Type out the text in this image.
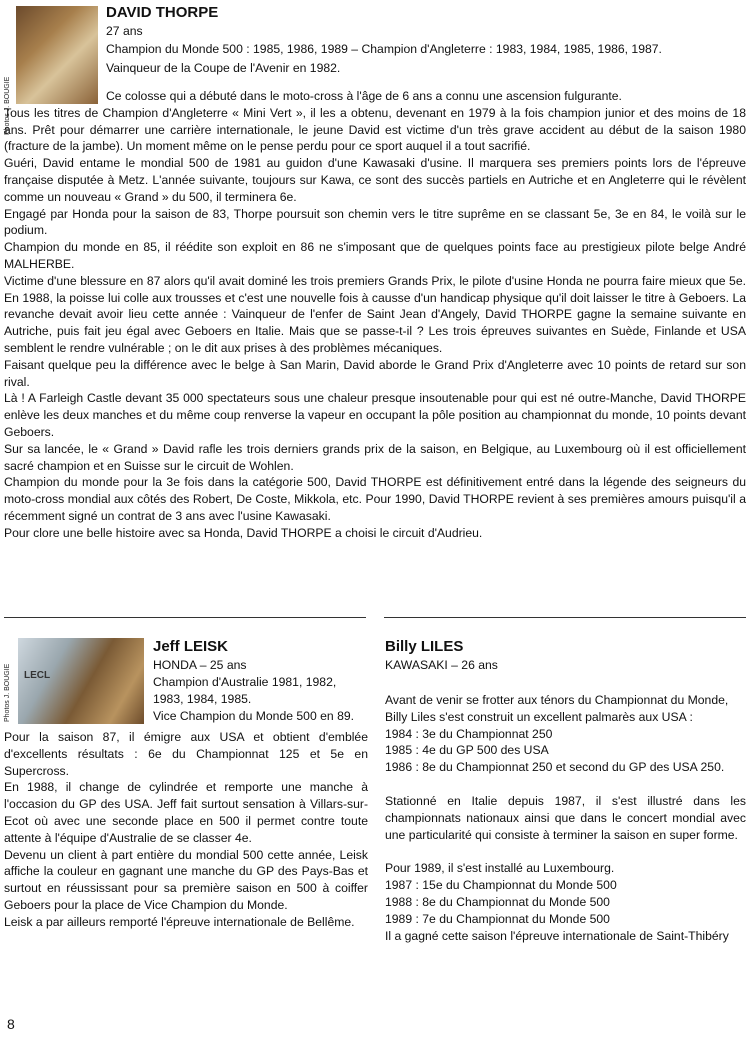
Photos J. BOUGIE
DAVID THORPE
27 ans
Champion du Monde 500 : 1985, 1986, 1989 – Champion d'Angleterre : 1983, 1984, 1985, 1986, 1987.
Vainqueur de la Coupe de l'Avenir en 1982.

Ce colosse qui a débuté dans le moto-cross à l'âge de 6 ans a connu une ascension fulgurante.

Tous les titres de Champion d'Angleterre « Mini Vert », il les a obtenu, devenant en 1979 à la fois champion junior et des moins de 18 ans. Prêt pour démarrer une carrière internationale, le jeune David est victime d'un très grave accident au début de la saison 1980 (fracture de la jambe). Un moment même on le pense perdu pour ce sport auquel il a tout sacrifié.

Guéri, David entame le mondial 500 de 1981 au guidon d'une Kawasaki d'usine. Il marquera ses premiers points lors de l'épreuve française disputée à Metz. L'année suivante, toujours sur Kawa, ce sont des succès partiels en Autriche et en Angleterre qui le révèlent comme un nouveau « Grand » du 500, il terminera 6e.

Engagé par Honda pour la saison de 83, Thorpe poursuit son chemin vers le titre suprême en se classant 5e, 3e en 84, le voilà sur le podium.

Champion du monde en 85, il réédite son exploit en 86 ne s'imposant que de quelques points face au prestigieux pilote belge André MALHERBE.

Victime d'une blessure en 87 alors qu'il avait dominé les trois premiers Grands Prix, le pilote d'usine Honda ne pourra faire mieux que 5e. En 1988, la poisse lui colle aux trousses et c'est une nouvelle fois à causse d'un handicap physique qu'il doit laisser le titre à Geboers. La revanche devait avoir lieu cette année : Vainqueur de l'enfer de Saint Jean d'Angely, David THORPE gagne la semaine suivante en Autriche, puis fait jeu égal avec Geboers en Italie. Mais que se passe-t-il ? Les trois épreuves suivantes en Suède, Finlande et USA semblent le rendre vulnérable ; on le dit aux prises à des problèmes mécaniques.

Faisant quelque peu la différence avec le belge à San Marin, David aborde le Grand Prix d'Angleterre avec 10 points de retard sur son rival.

Là ! A Farleigh Castle devant 35 000 spectateurs sous une chaleur presque insoutenable pour qui est né outre-Manche, David THORPE enlève les deux manches et du même coup renverse la vapeur en occupant la pôle position au championnat du monde, 10 points devant Geboers.

Sur sa lancée, le « Grand » David rafle les trois derniers grands prix de la saison, en Belgique, au Luxembourg où il est officiellement sacré champion et en Suisse sur le circuit de Wohlen.

Champion du monde pour la 3e fois dans la catégorie 500, David THORPE est définitivement entré dans la légende des seigneurs du moto-cross mondial aux côtés des Robert, De Coste, Mikkola, etc. Pour 1990, David THORPE revient à ses premières amours puisqu'il a récemment signé un contrat de 3 ans avec l'usine Kawasaki.

Pour clore une belle histoire avec sa Honda, David THORPE a choisi le circuit d'Audrieu.

LECL
Photos J. BOUGIE
Jeff LEISK
HONDA – 25 ans
Champion d'Australie 1981, 1982, 1983, 1984, 1985.
Vice Champion du Monde 500 en 89.

Pour la saison 87, il émigre aux USA et obtient d'emblée d'excellents résultats : 6e du Championnat 125 et 5e en Supercross.

En 1988, il change de cylindrée et remporte une manche à l'occasion du GP des USA. Jeff fait surtout sensation à Villars-sur-Ecot où avec une seconde place en 500 il permet contre toute attente à l'équipe d'Australie de se classer 4e.

Devenu un client à part entière du mondial 500 cette année, Leisk affiche la couleur en gagnant une manche du GP des Pays-Bas et surtout en réussissant pour sa première saison en 500 à coiffer Geboers pour la place de Vice Champion du Monde.

Leisk a par ailleurs remporté l'épreuve internationale de Bellême.

Billy LILES
KAWASAKI – 26 ans

Avant de venir se frotter aux ténors du Championnat du Monde, Billy Liles s'est construit un excellent palmarès aux USA :

1984 : 3e du Championnat 250

1985 : 4e du GP 500 des USA

1986 : 8e du Championnat 250 et second du GP des USA 250.

Stationné en Italie depuis 1987, il s'est illustré dans les championnats nationaux ainsi que dans le concert mondial avec une particularité qui consiste à terminer la saison en super forme.

Pour 1989, il s'est installé au Luxembourg.

1987 : 15e du Championnat du Monde 500

1988 : 8e du Championnat du Monde 500

1989 : 7e du Championnat du Monde 500

Il a gagné cette saison l'épreuve internationale de Saint-Thibéry

8
